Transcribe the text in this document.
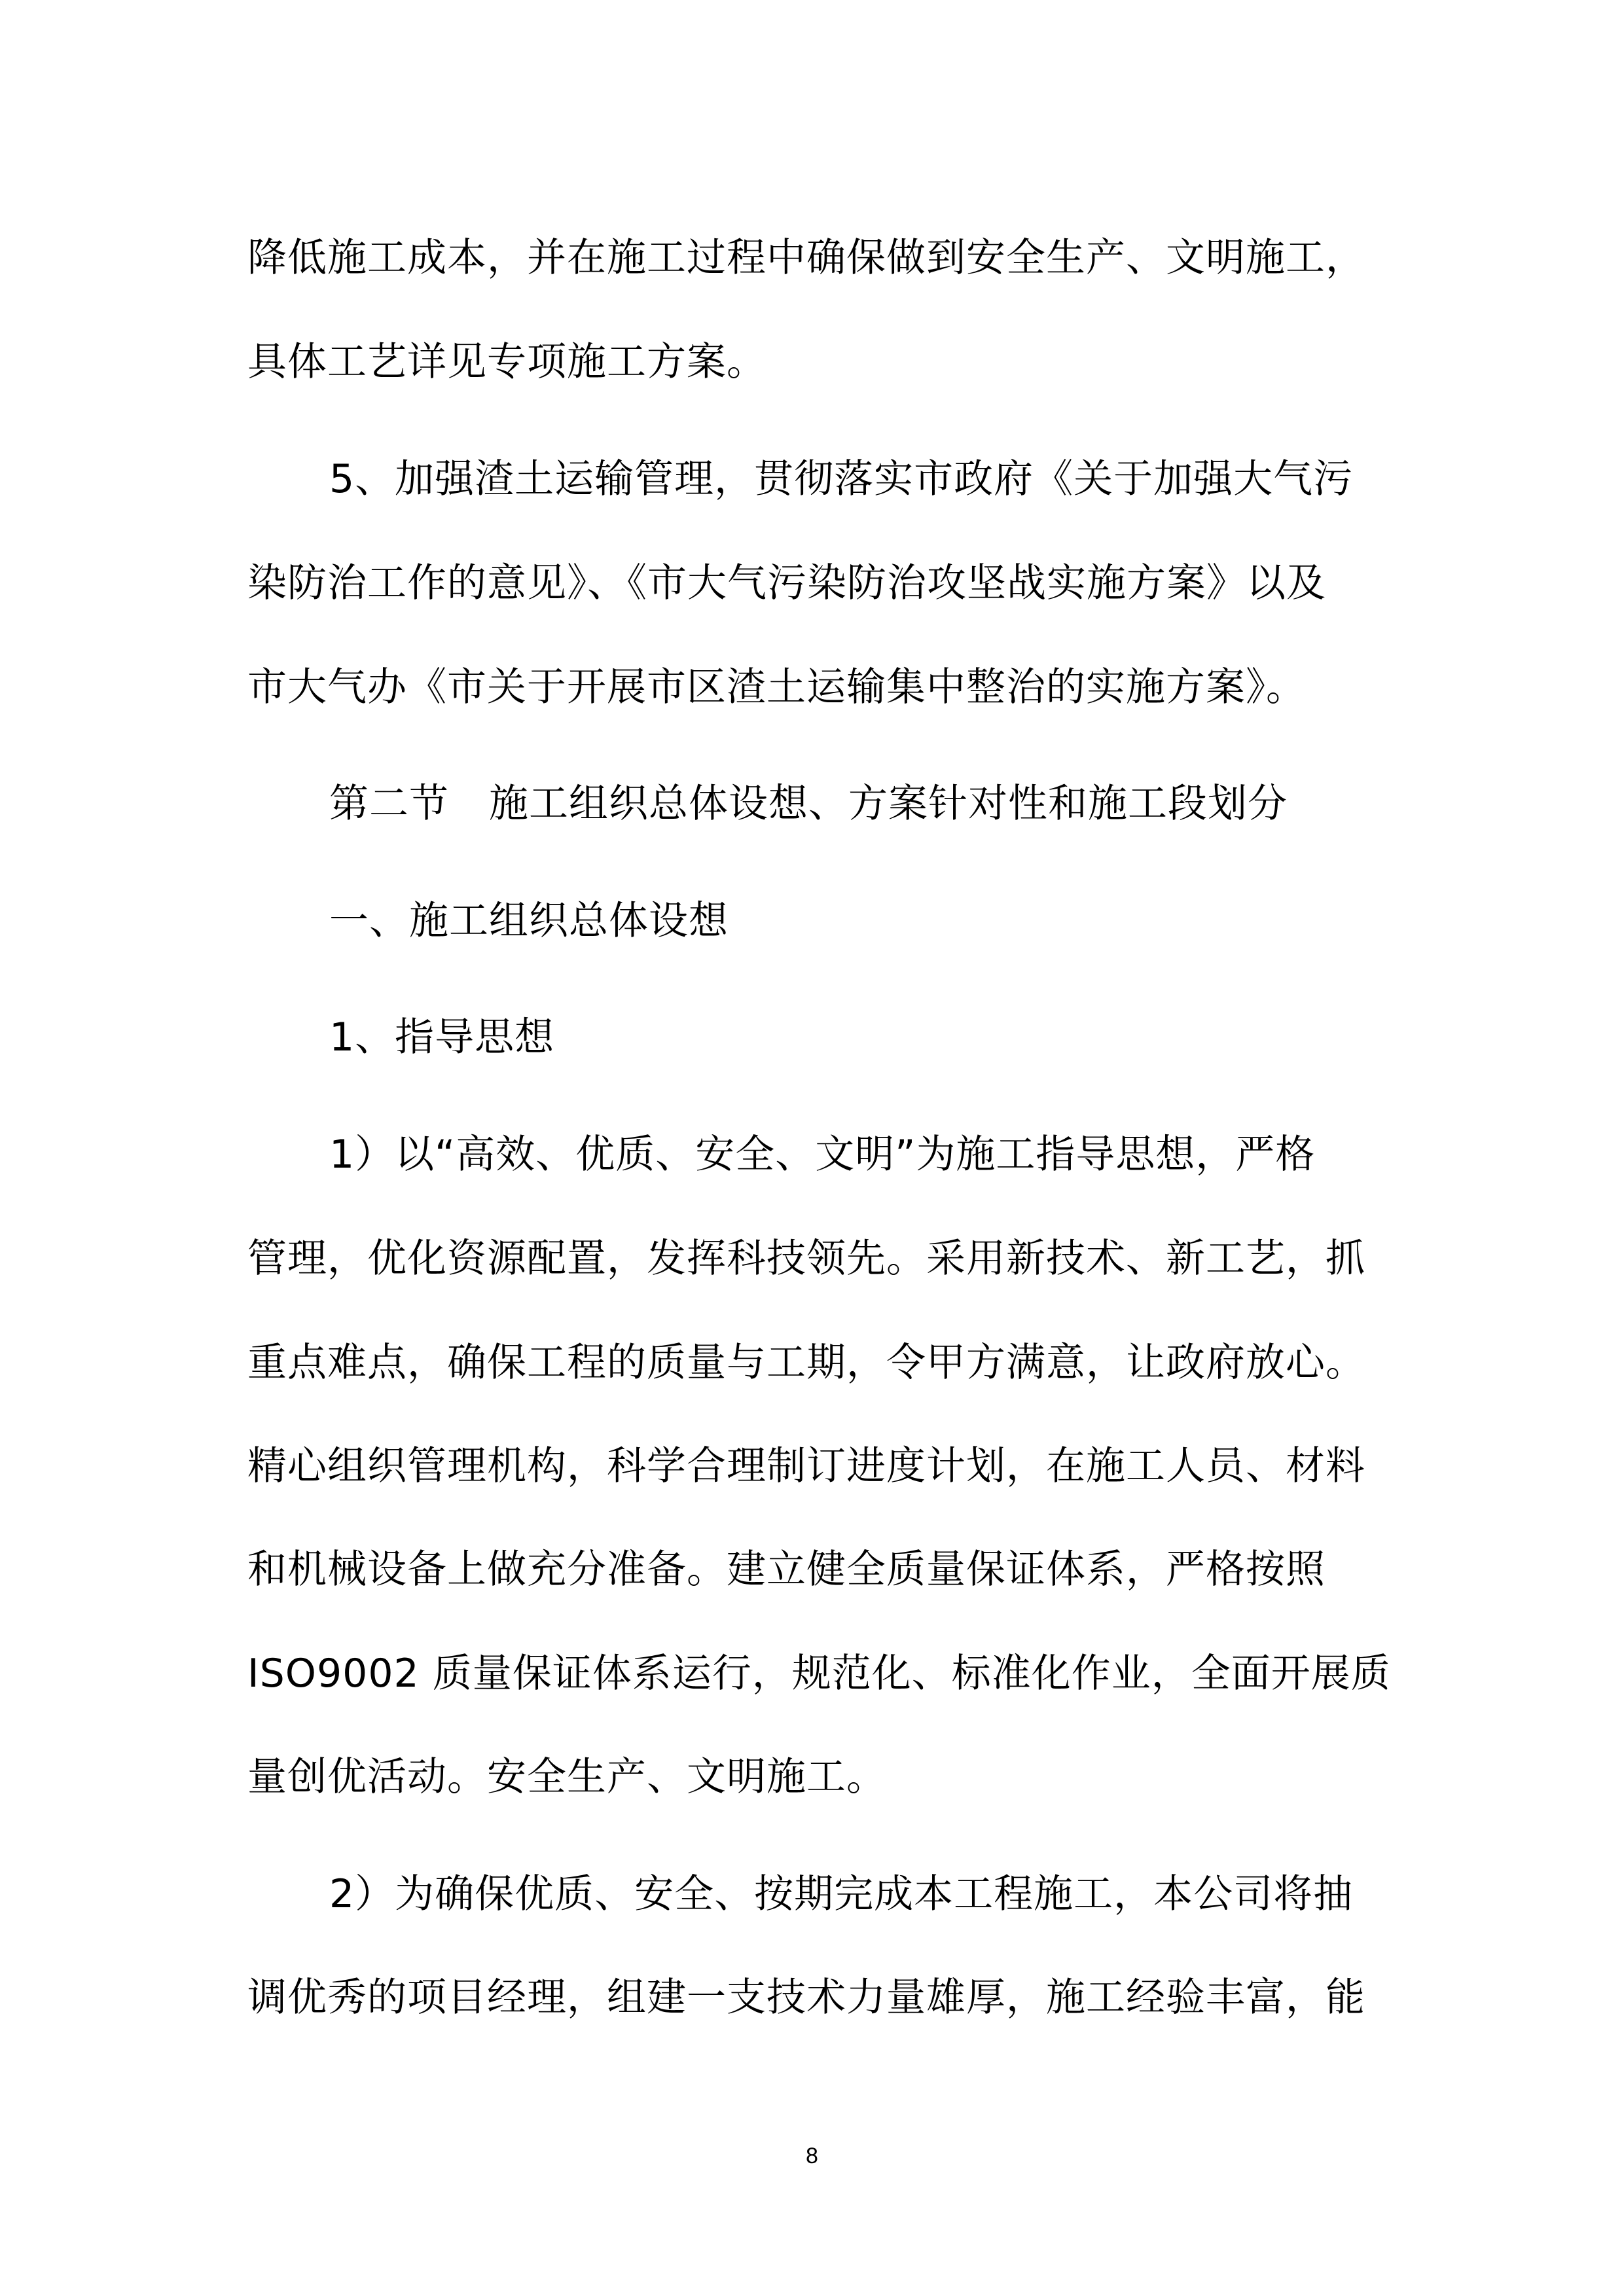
降低施工成本，并在施工过程中确保做到安全生产、文明施工，

具体工艺详见专项施工方案。

5、加强渣土运输管理，贯彻落实市政府《关于加强大气污

染防治工作的意见》、《市大气污染防治攻坚战实施方案》以及

市大气办《市关于开展市区渣土运输集中整治的实施方案》。

第二节　施工组织总体设想、方案针对性和施工段划分

一、施工组织总体设想

1、指导思想

1）以“高效、优质、安全、文明”为施工指导思想，严格

管理，优化资源配置，发挥科技领先。采用新技术、新工艺，抓

重点难点，确保工程的质量与工期，令甲方满意，让政府放心。

精心组织管理机构，科学合理制订进度计划，在施工人员、材料

和机械设备上做充分准备。建立健全质量保证体系，严格按照

ISO9002 质量保证体系运行，规范化、标准化作业，全面开展质

量创优活动。安全生产、文明施工。

2）为确保优质、安全、按期完成本工程施工，本公司将抽

调优秀的项目经理，组建一支技术力量雄厚，施工经验丰富，能

8
